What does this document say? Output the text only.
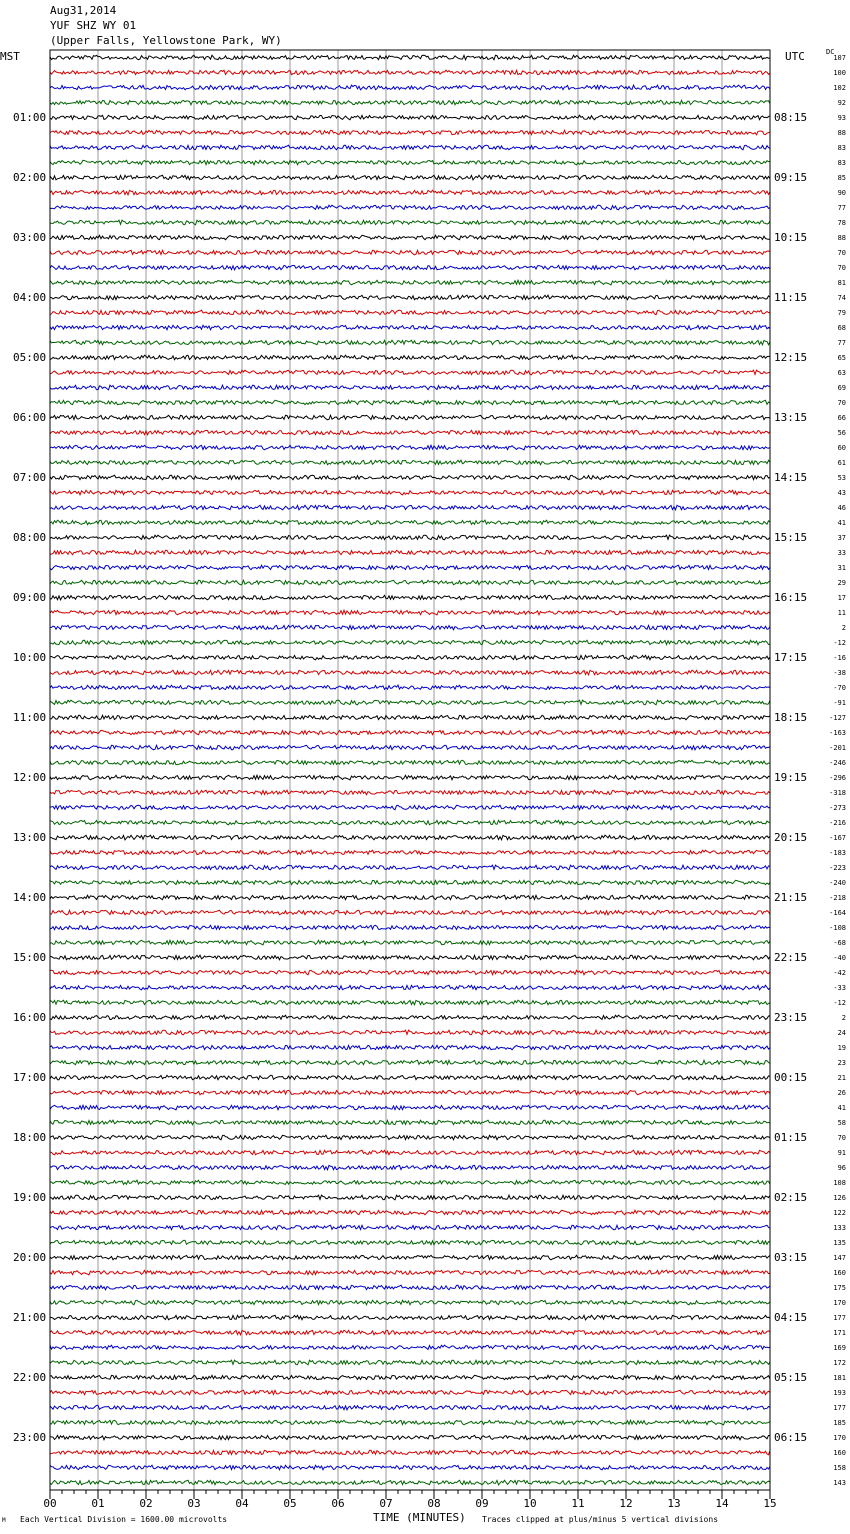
Aug31,2014
YUF SHZ WY 01
(Upper Falls, Yellowstone Park, WY)
MST	UTC	DC
01:00
02:00
03:00
04:00
05:00
06:00
07:00
08:00
09:00
10:00
11:00
12:00
13:00
14:00
15:00
16:00
17:00
18:00
19:00
20:00
21:00
22:00
23:00
08:15
09:15
10:15
11:15
12:15
13:15
14:15
15:15
16:15
17:15
18:15
19:15
20:15
21:15
22:15
23:15
00:15
01:15
02:15
03:15
04:15
05:15
06:15
107
100
102
92
93
88
83
83
85
90
77
78
88
70
70
81
74
79
68
77
65
63
69
70
66
56
60
61
53
43
46
41
37
33
31
29
17
11
2
-12
-16
-38
-70
-91
-127
-163
-201
-246
-296
-318
-273
-216
-167
-183
-223
-240
-218
-164
-108
-68
-40
-42
-33
-12
2
24
19
23
21
26
41
58
70
91
96
108
126
122
133
135
147
160
175
170
177
171
169
172
181
193
177
185
170
160
158
143
00	01	02	03	04	05	06	07	08	09	10	11	12	13	14	15
TIME (MINUTES)
M Each Vertical Division = 1600.00 microvolts	Traces clipped at plus/minus 5 vertical divisions
